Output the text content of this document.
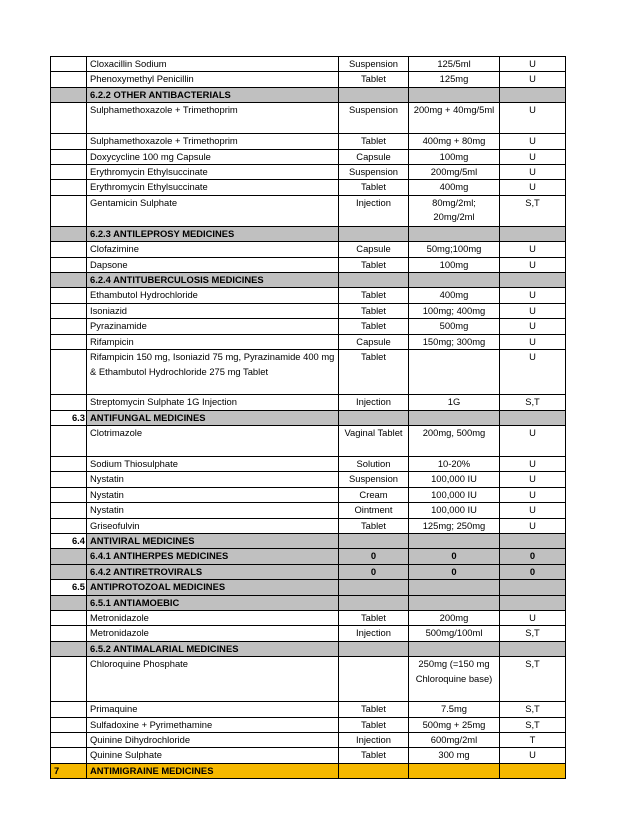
	Cloxacillin Sodium	Suspension	125/5ml	U
	Phenoxymethyl Penicillin	Tablet	125mg	U
	6.2.2 OTHER ANTIBACTERIALS			
	Sulphamethoxazole + Trimethoprim	Suspension	200mg + 40mg/5ml	U
	Sulphamethoxazole + Trimethoprim	Tablet	400mg + 80mg	U
	Doxycycline 100 mg Capsule	Capsule	100mg	U
	Erythromycin Ethylsuccinate	Suspension	200mg/5ml	U
	Erythromycin Ethylsuccinate	Tablet	400mg	U
	Gentamicin Sulphate	Injection	80mg/2ml; 20mg/2ml	S,T
	6.2.3 ANTILEPROSY MEDICINES			
	Clofazimine	Capsule	50mg;100mg	U
	Dapsone	Tablet	100mg	U
	6.2.4 ANTITUBERCULOSIS MEDICINES			
	Ethambutol Hydrochloride	Tablet	400mg	U
	Isoniazid	Tablet	100mg; 400mg	U
	Pyrazinamide	Tablet	500mg	U
	Rifampicin	Capsule	150mg; 300mg	U
	Rifampicin 150 mg, Isoniazid 75 mg, Pyrazinamide 400 mg & Ethambutol Hydrochloride 275 mg Tablet	Tablet		U
	Streptomycin Sulphate 1G Injection	Injection	1G	S,T
6.3	ANTIFUNGAL MEDICINES			
	Clotrimazole	Vaginal Tablet	200mg, 500mg	U
	Sodium Thiosulphate	Solution	10-20%	U
	Nystatin	Suspension	100,000 IU	U
	Nystatin	Cream	100,000 IU	U
	Nystatin	Ointment	100,000 IU	U
	Griseofulvin	Tablet	125mg; 250mg	U
6.4	ANTIVIRAL MEDICINES			
	6.4.1 ANTIHERPES MEDICINES	0	0	0
	6.4.2 ANTIRETROVIRALS	0	0	0
6.5	ANTIPROTOZOAL MEDICINES			
	6.5.1 ANTIAMOEBIC			
	Metronidazole	Tablet	200mg	U
	Metronidazole	Injection	500mg/100ml	S,T
	6.5.2 ANTIMALARIAL MEDICINES			
	Chloroquine Phosphate		250mg (=150 mg Chloroquine base)	S,T
	Primaquine	Tablet	7.5mg	S,T
	Sulfadoxine + Pyrimethamine	Tablet	500mg + 25mg	S,T
	Quinine Dihydrochloride	Injection	600mg/2ml	T
	Quinine Sulphate	Tablet	300 mg	U
7	ANTIMIGRAINE MEDICINES			
